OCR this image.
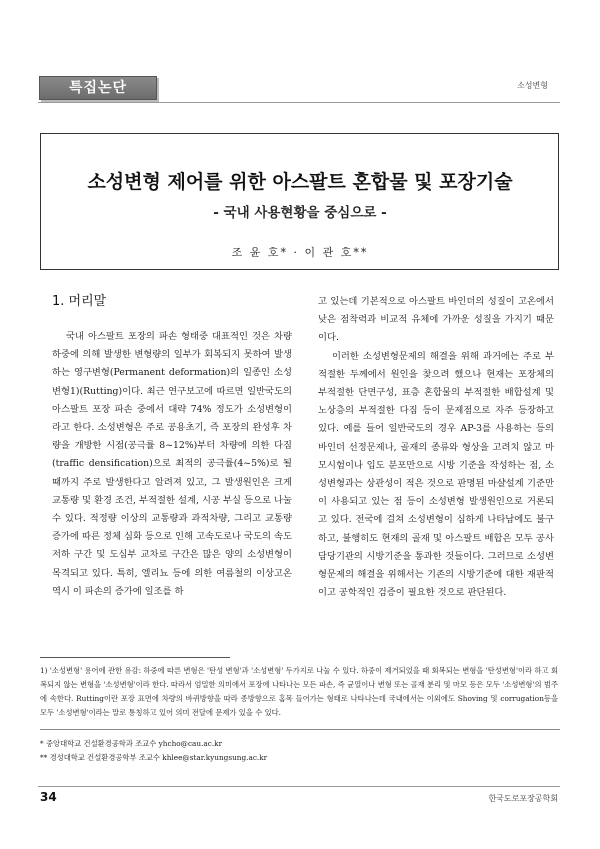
특집논단	소성변형
소성변형 제어를 위한 아스팔트 혼합물 및 포장기술
- 국내 사용현황을 중심으로 -
조 윤 호* · 이 관 호**
1. 머리말

국내 아스팔트 포장의 파손 형태중 대표적인 것은 차량하중에 의해 발생한 변형량의 일부가 회복되지 못하여 발생하는 영구변형(Permanent deformation)의 일종인 소성변형1)(Rutting)이다. 최근 연구보고에 따르면 일반국도의 아스팔트 포장 파손 중에서 대략 74% 정도가 소성변형이 라고 한다. 소성변형은 주로 공용초기, 즉 포장의 완성후 차량을 개방한 시점(공극률 8~12%)부터 차량에 의한 다짐(traffic densification)으로 최적의 공극률(4~5%)로 될 때까지 주로 발생한다고 알려져 있고, 그 발생원인은 크게 교통량 및 환경 조건, 부적절한 설계, 시공 부실 등으로 나눌 수 있다. 적정량 이상의 교통량과 과적차량, 그리고 교통량 증가에 따른 정체 심화 등으로 인해 고속도로나 국도의 속도저하 구간 및 도심부 교차로 구간은 많은 양의 소성변형이 목격되고 있다. 특히, 엘리뇨 등에 의한 여름철의 이상고온 역시 이 파손의 증가에 일조를 하

고 있는데 기본적으로 아스팔트 바인더의 성질이 고온에서 낮은 점착력과 비교적 유체에 가까운 성질을 가지기 때문이다.

이러한 소성변형문제의 해결을 위해 과거에는 주로 부적절한 두께에서 원인을 찾으려 했으나 현재는 포장체의 부적절한 단면구성, 표층 혼합물의 부적절한 배합설계 및 노상층의 부적절한 다짐 등이 문제점으로 자주 등장하고 있다. 예를 들어 일반국도의 경우 AP-3를 사용하는 등의 바인더 선정문제나, 골재의 종류와 형상을 고려치 않고 마모시험이나 입도 분포만으로 시방 기준을 작성하는 점, 소성변형과는 상관성이 적은 것으로 판명된 마샬설계 기준만이 사용되고 있는 점 등이 소성변형 발생원인으로 거론되고 있다. 전국에 걸쳐 소성변형이 심하게 나타남에도 불구하고, 불행히도 현재의 골재 및 아스팔트 배합은 모두 공사 담당기관의 시방기준을 통과한 것들이다. 그러므로 소성변형문제의 해결을 위해서는 기존의 시방기준에 대한 재판적이고 공학적인 검증이 필요한 것으로 판단된다.

1) '소성변형' 용어에 관한 유감: 하중에 따른 변형은 '탄성 변형'과 '소성변형' 두가지로 나눌 수 있다. 하중이 제거되었을 때 회복되는 변형을 '탄성변형'이라 하고 회복되지 않는 변형을 '소성변형'이라 한다. 따라서 엄밀한 의미에서 포장에 나타나는 모든 파손, 즉 균열이나 변형 또는 골재 분리 및 마모 등은 모두 '소성변형'의 범주에 속한다. Rutting이란 포장 표면에 차량의 바퀴방향을 따라 종방향으로 홈목 들어가는 형태로 나타나는데 국내에서는 이외에도 Shoving 및 corrugation등을 모두 '소성변형'이라는 말로 통칭하고 있어 의미 전달에 문제가 있을 수 있다.
* 중앙대학교 건설환경공학과 조교수 yhcho@cau.ac.kr
** 경성대학교 건설환경공학부 조교수 khlee@star.kyungsung.ac.kr
34	한국도로포장공학회
